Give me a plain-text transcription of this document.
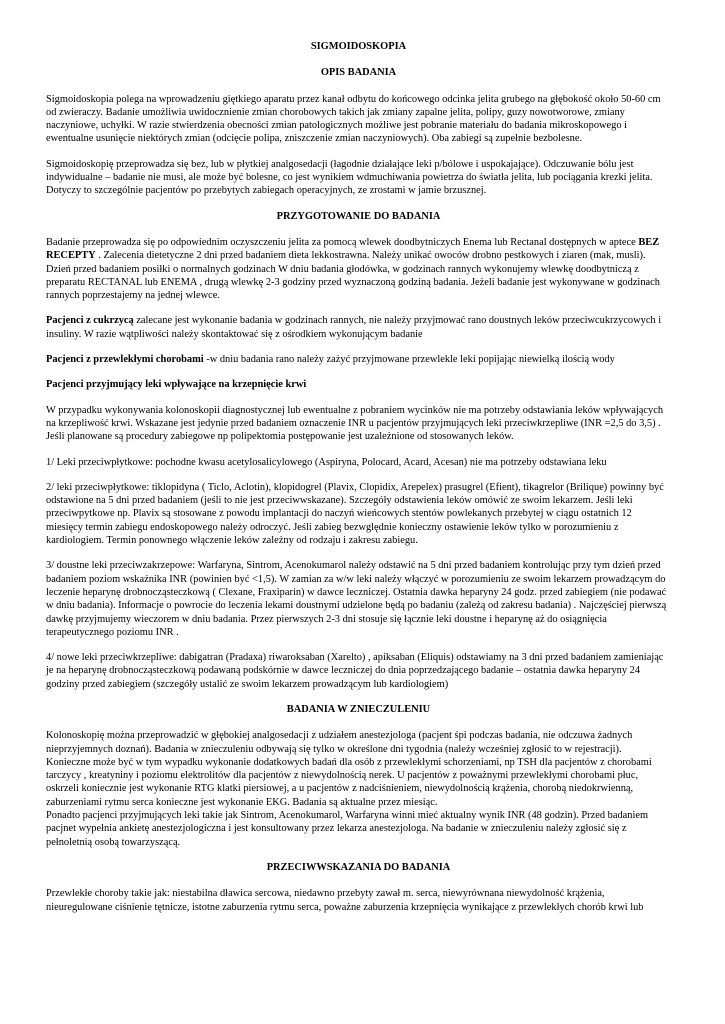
SIGMOIDOSKOPIA

OPIS BADANIA

Sigmoidoskopia polega na wprowadzeniu giętkiego aparatu przez kanał odbytu do końcowego odcinka jelita grubego na głębokość około 50-60 cm od zwieraczy. Badanie umożliwia uwidocznienie zmian chorobowych takich jak zmiany zapalne jelita, polipy, guzy nowotworowe, zmiany naczyniowe, uchyłki. W razie stwierdzenia obecności zmian patologicznych możliwe jest pobranie materiału do badania mikroskopowego i ewentualne usunięcie niektórych zmian (odcięcie polipa, zniszczenie zmian naczyniowych). Oba zabiegi są zupełnie bezbolesne.

Sigmoidoskopię przeprowadza się bez, lub w płytkiej analgosedacji (łagodnie działające leki p/bólowe i uspokajające). Odczuwanie bólu jest indywidualne – badanie nie musi, ale może być bolesne, co jest wynikiem wdmuchiwania powietrza do światła jelita, lub pociągania krezki jelita. Dotyczy to szczególnie pacjentów po przebytych zabiegach operacyjnych, ze zrostami w jamie brzusznej.

PRZYGOTOWANIE DO BADANIA

Badanie przeprowadza się po odpowiednim oczyszczeniu jelita za pomocą wlewek doodbytniczych Enema lub Rectanal dostępnych w aptece BEZ RECEPTY . Zalecenia dietetyczne 2 dni przed badaniem dieta lekkostrawna. Należy unikać owoców drobno pestkowych i ziaren (mak, musli). Dzień przed badaniem posiłki o normalnych godzinach W dniu badania głodówka, w godzinach rannych wykonujemy wlewkę doodbytniczą z preparatu RECTANAL lub ENEMA , drugą wlewkę 2-3 godziny przed wyznaczoną godziną badania. Jeżeli badanie jest wykonywane w godzinach rannych poprzestajemy na jednej wlewce.

Pacjenci z cukrzycą zalecane jest wykonanie badania w godzinach rannych, nie należy przyjmować rano doustnych leków przeciwcukrzycowych i insuliny. W razie wątpliwości należy skontaktować się z ośrodkiem wykonującym badanie

Pacjenci z przewlekłymi chorobami -w dniu badania rano należy zażyć przyjmowane przewlekle leki popijając niewielką ilością wody

Pacjenci przyjmujący leki wpływające na krzepnięcie krwi

W przypadku wykonywania kolonoskopii diagnostycznej lub ewentualne z pobraniem wycinków nie ma potrzeby odstawiania leków wpływających na krzepliwość krwi. Wskazane jest jedynie przed badaniem oznaczenie INR u pacjentów przyjmujących leki przeciwkrzepliwe (INR =2,5 do 3,5) . Jeśli planowane są procedury zabiegowe np polipektomia postępowanie jest uzależnione od stosowanych leków.

1/ Leki przeciwpłytkowe: pochodne kwasu acetylosalicylowego (Aspiryna, Polocard, Acard, Acesan) nie ma potrzeby odstawiana leku

2/ leki przeciwpłytkowe: tiklopidyna ( Ticlo, Aclotin), klopidogrel (Plavix, Clopidix, Arepelex) prasugrel (Efient), tikagrelor (Brilique) powinny być odstawione na 5 dni przed badaniem (jeśli to nie jest przeciwwskazane). Szczegóły odstawienia leków omówić ze swoim lekarzem. Jeśli leki przeciwpytkowe np. Plavix są stosowane z powodu implantacji do naczyń wieńcowych stentów powlekanych przebytej w ciągu ostatnich 12 miesięcy termin zabiegu endoskopowego należy odroczyć. Jeśli zabieg bezwględnie konieczny ostawienie leków tylko w porozumieniu z kardiologiem. Termin ponownego włączenie leków zależny od rodzaju i zakresu zabiegu.

3/ doustne leki przeciwzakrzepowe: Warfaryna, Sintrom, Acenokumarol należy odstawić na 5 dni przed badaniem kontrolując przy tym dzień przed badaniem poziom wskaźnika INR (powinien być <1,5). W zamian za w/w leki należy włączyć w porozumieniu ze swoim lekarzem prowadzącym do leczenie heparynę drobnocząsteczkową ( Clexane, Fraxiparin) w dawce leczniczej. Ostatnia dawka heparyny 24 godz. przed zabiegiem (nie podawać w dniu badania). Informacje o powrocie do leczenia lekami doustnymi udzielone będą po badaniu (zależą od zakresu badania) . Najczęściej pierwszą dawkę przyjmujemy wieczorem w dniu badania. Przez pierwszych 2-3 dni stosuje się łącznie leki doustne i heparynę aż do osiągnięcia terapeutycznego poziomu INR .

4/ nowe leki przeciwkrzepliwe: dabigatran (Pradaxa) riwaroksaban (Xarelto) , apiksaban (Eliquis) odstawiamy na 3 dni przed badaniem zamieniając je na heparynę drobnocząsteczkową podawaną podskórnie w dawce leczniczej do dnia poprzedzającego badanie – ostatnia dawka heparyny 24 godziny przed zabiegiem (szczegóły ustalić ze swoim lekarzem prowadzącym lub kardiologiem)

BADANIA W ZNIECZULENIU

Kolonoskopię można przeprowadzić w głębokiej analgosedacji z udziałem anestezjologa (pacjent śpi podczas badania, nie odczuwa żadnych nieprzyjemnych doznań). Badania w znieczuleniu odbywają się tylko w określone dni tygodnia (należy wcześniej zgłosić to w rejestracji).

Konieczne może być w tym wypadku wykonanie dodatkowych badań dla osób z przewlekłymi schorzeniami, np TSH dla pacjentów z chorobami tarczycy , kreatyniny i poziomu elektrolitów dla pacjentów z niewydolnością nerek. U pacjentów z poważnymi przewlekłymi chorobami płuc, oskrzeli koniecznie jest wykonanie RTG klatki piersiowej, a u pacjentów z nadciśnieniem, niewydolnością krążenia, chorobą niedokrwienną, zaburzeniami rytmu serca konieczne jest wykonanie EKG. Badania są aktualne przez miesiąc.

Ponadto pacjenci przyjmujących leki takie jak Sintrom, Acenokumarol, Warfaryna winni mieć aktualny wynik INR (48 godzin). Przed badaniem pacjnet wypełnia ankietę anestezjologiczna i jest konsultowany przez lekarza anestezjologa. Na badanie w znieczuleniu należy zgłosić się z pełnoletnią osobą towarzyszącą.

PRZECIWWSKAZANIA DO BADANIA

Przewlekłe choroby takie jak: niestabilna dławica sercowa, niedawno przebyty zawał m. serca, niewyrównana niewydolność krążenia, nieuregulowane ciśnienie tętnicze, istotne zaburzenia rytmu serca, poważne zaburzenia krzepnięcia wynikające z przewlekłych chorób krwi lub
